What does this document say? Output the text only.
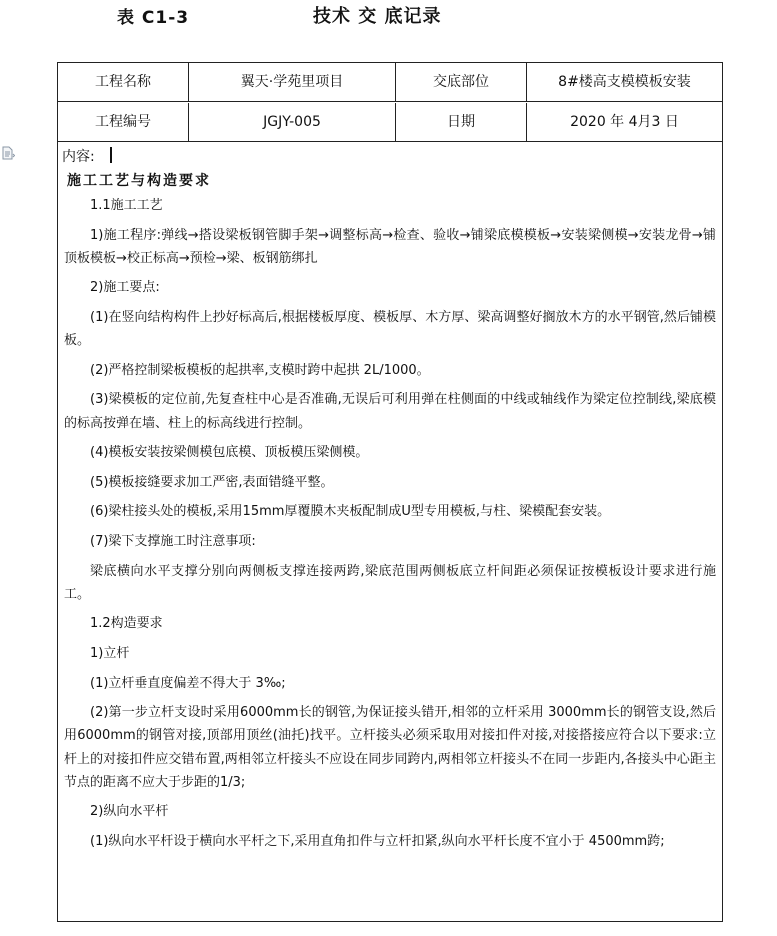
表 C1-3	技术 交 底记录
工程名称	翼天·学苑里项目	交底部位	8#楼高支模模板安装
工程编号	JGJY-005	日期	2020 年 4月3 日
内容:
施工工艺与构造要求

1.1施工工艺

1)施工程序:弹线→搭设梁板钢管脚手架→调整标高→检查、验收→铺梁底模模板→安装梁侧模→安装龙骨→铺顶板模板→校正标高→预检→梁、板钢筋绑扎

2)施工要点:

(1)在竖向结构构件上抄好标高后,根据楼板厚度、模板厚、木方厚、梁高调整好搁放木方的水平钢管,然后铺模板。

(2)严格控制梁板模板的起拱率,支模时跨中起拱 2L/1000。

(3)梁模板的定位前,先复查柱中心是否准确,无误后可利用弹在柱侧面的中线或轴线作为梁定位控制线,梁底模的标高按弹在墙、柱上的标高线进行控制。

(4)模板安装按梁侧模包底模、顶板模压梁侧模。

(5)模板接缝要求加工严密,表面错缝平整。

(6)梁柱接头处的模板,采用15mm厚覆膜木夹板配制成U型专用模板,与柱、梁模配套安装。

(7)梁下支撑施工时注意事项:

梁底横向水平支撑分别向两侧板支撑连接两跨,梁底范围两侧板底立杆间距必须保证按模板设计要求进行施工。

1.2构造要求

1)立杆

(1)立杆垂直度偏差不得大于 3‰;

(2)第一步立杆支设时采用6000mm长的钢管,为保证接头错开,相邻的立杆采用 3000mm长的钢管支设,然后用6000mm的钢管对接,顶部用顶丝(油托)找平。立杆接头必须采取用对接扣件对接,对接搭接应符合以下要求:立杆上的对接扣件应交错布置,两相邻立杆接头不应设在同步同跨内,两相邻立杆接头不在同一步距内,各接头中心距主节点的距离不应大于步距的1/3;

2)纵向水平杆

(1)纵向水平杆设于横向水平杆之下,采用直角扣件与立杆扣紧,纵向水平杆长度不宜小于 4500mm跨;
